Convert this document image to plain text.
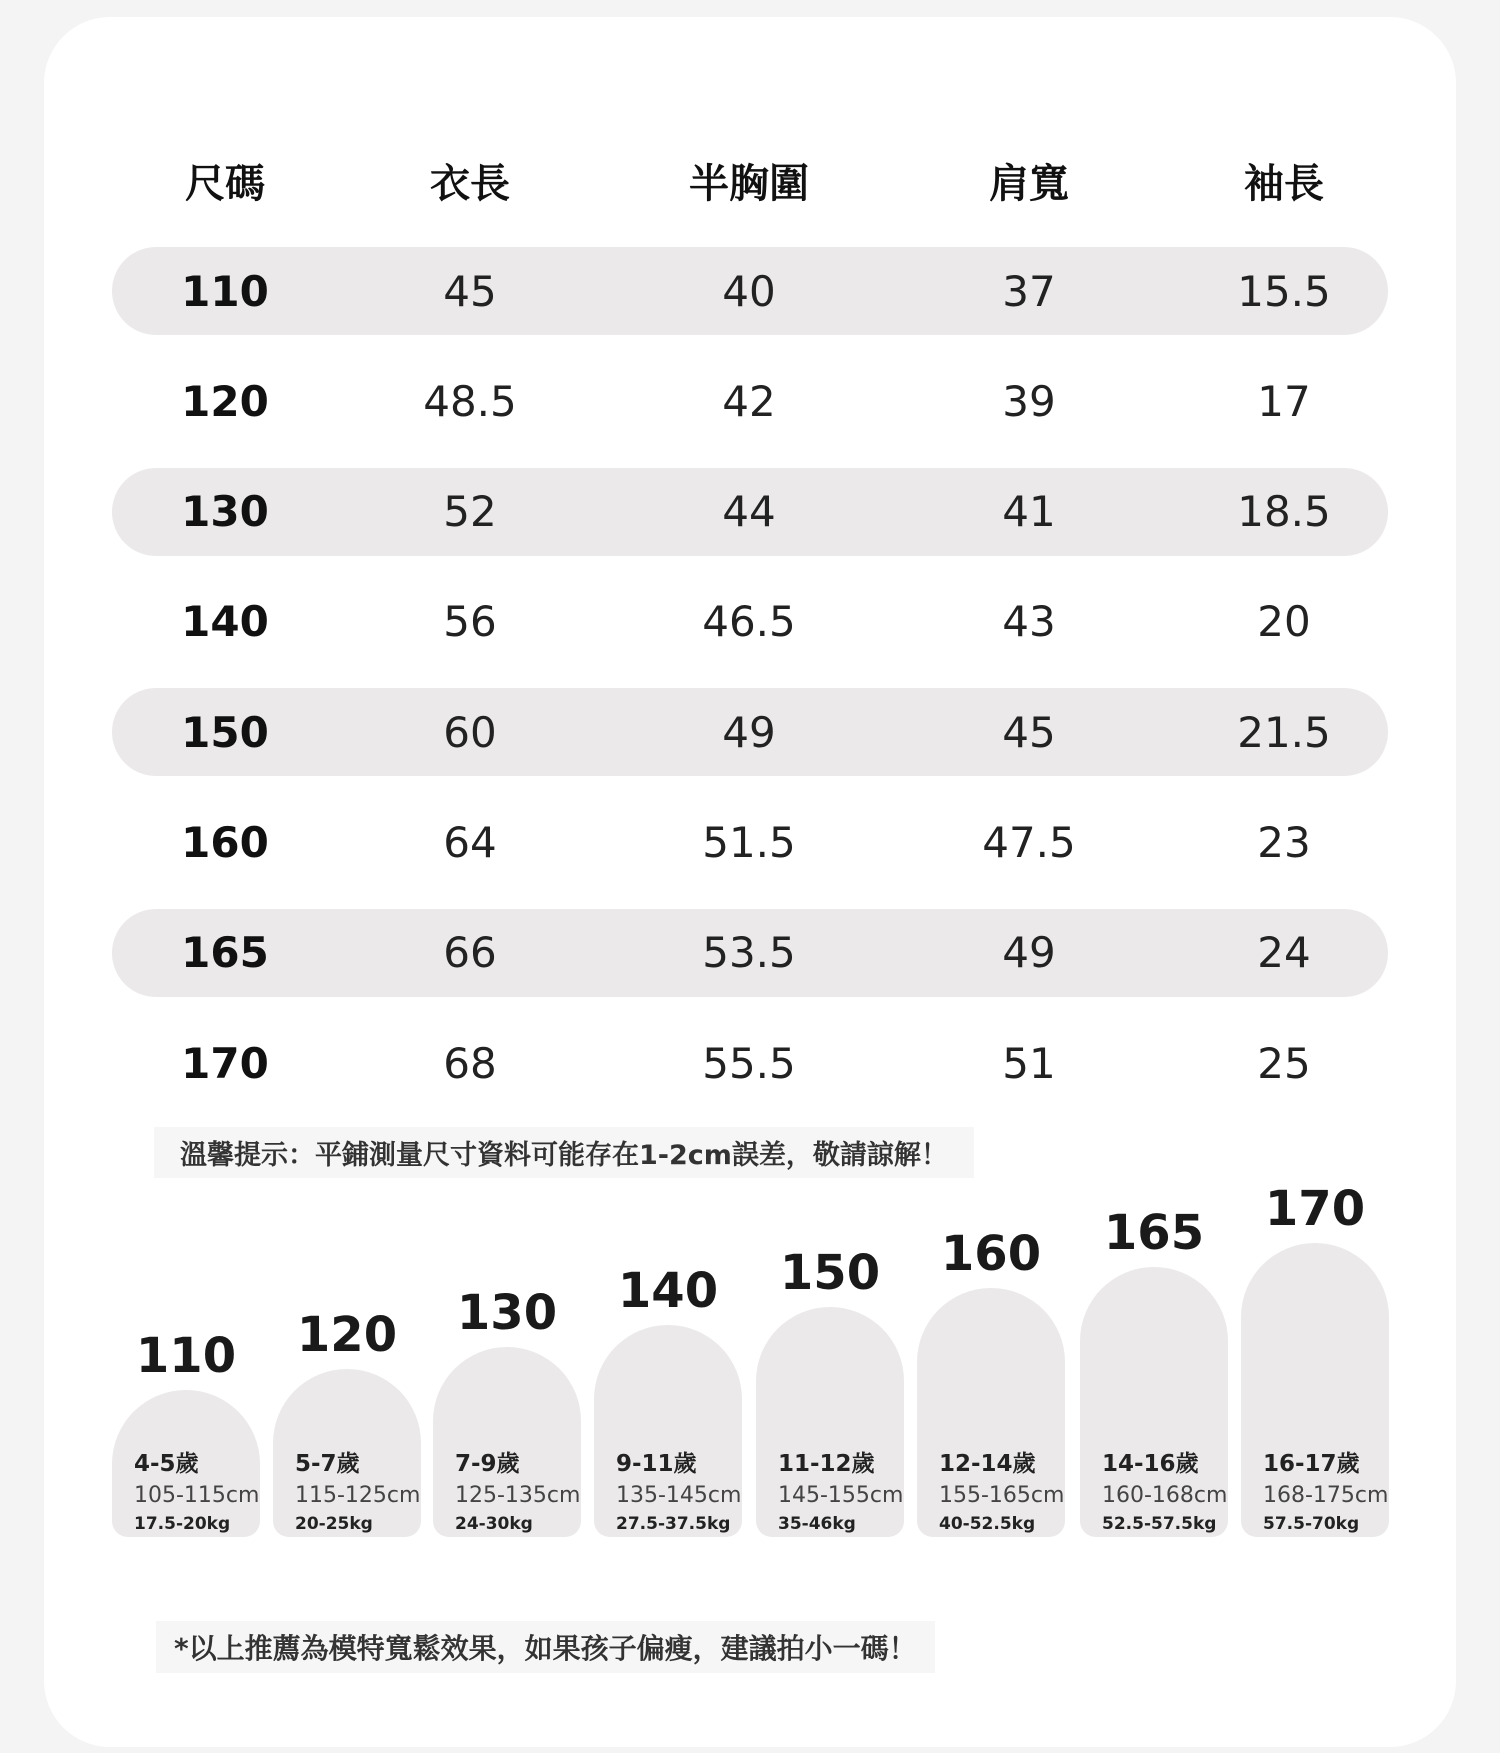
尺碼	衣長	半胸圍	肩寬	袖長
110	45	40	37	15.5
120	48.5	42	39	17
130	52	44	41	18.5
140	56	46.5	43	20
150	60	49	45	21.5
160	64	51.5	47.5	23
165	66	53.5	49	24
170	68	55.5	51	25
溫馨提示：平鋪測量尺寸資料可能存在1-2cm誤差，敬請諒解！
110
4-5歲
105-115cm
17.5-20kg
120
5-7歲
115-125cm
20-25kg
130
7-9歲
125-135cm
24-30kg
140
9-11歲
135-145cm
27.5-37.5kg
150
11-12歲
145-155cm
35-46kg
160
12-14歲
155-165cm
40-52.5kg
165
14-16歲
160-168cm
52.5-57.5kg
170
16-17歲
168-175cm
57.5-70kg
*以上推薦為模特寬鬆效果，如果孩子偏瘦，建議拍小一碼！
